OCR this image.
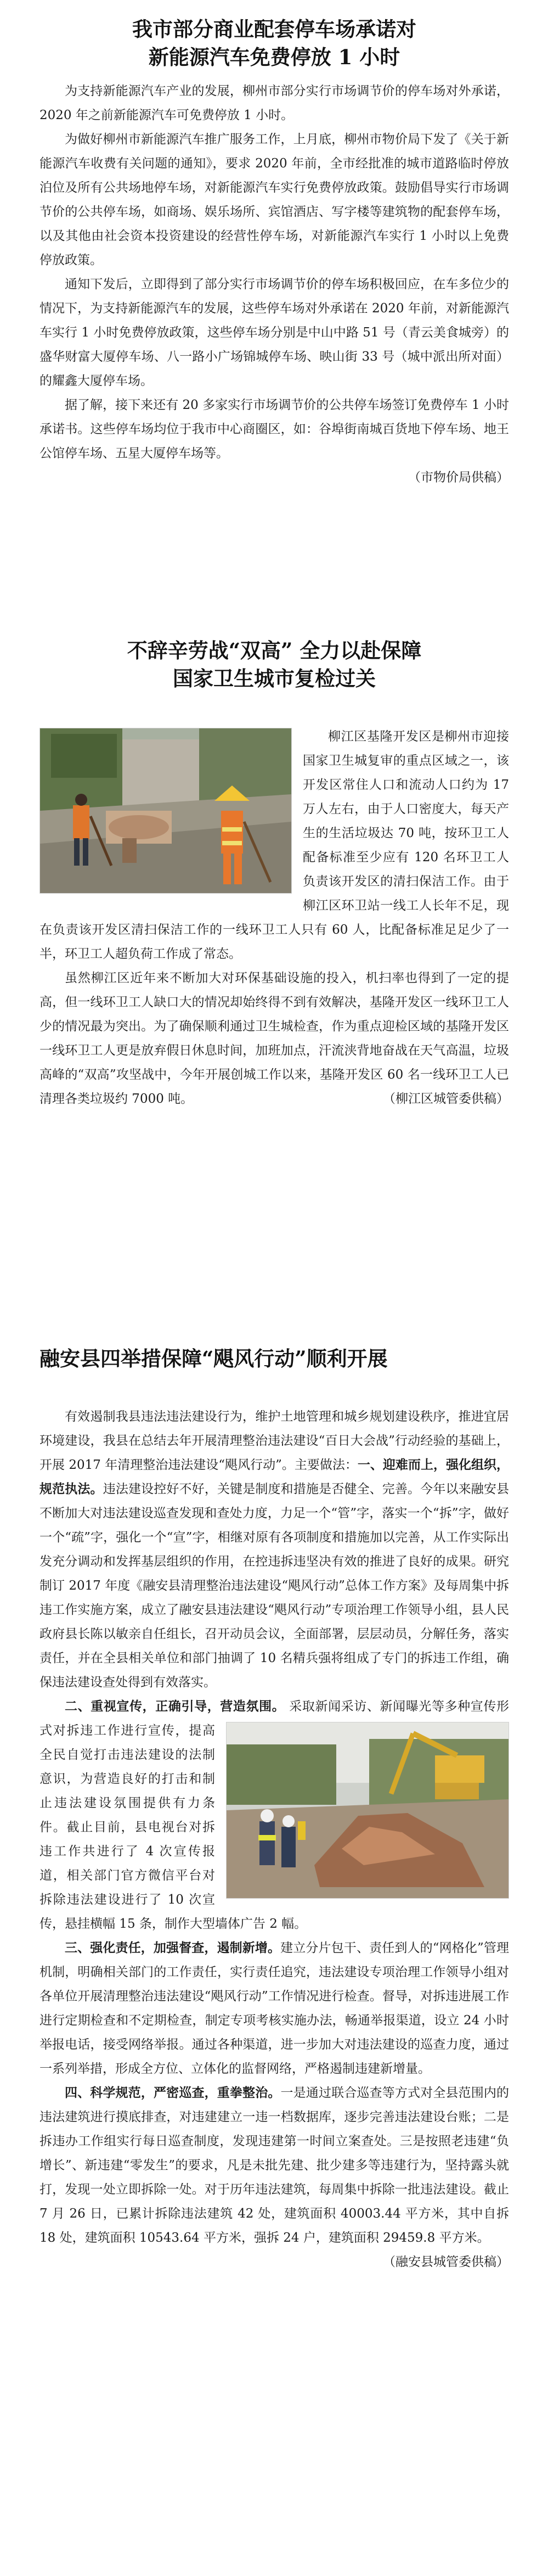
我市部分商业配套停车场承诺对
新能源汽车免费停放 1 小时

为支持新能源汽车产业的发展，柳州市部分实行市场调节价的停车场对外承诺，2020 年之前新能源汽车可免费停放 1 小时。

为做好柳州市新能源汽车推广服务工作，上月底，柳州市物价局下发了《关于新能源汽车收费有关问题的通知》，要求 2020 年前，全市经批准的城市道路临时停放泊位及所有公共场地停车场，对新能源汽车实行免费停放政策。鼓励倡导实行市场调节价的公共停车场，如商场、娱乐场所、宾馆酒店、写字楼等建筑物的配套停车场，以及其他由社会资本投资建设的经营性停车场，对新能源汽车实行 1 小时以上免费停放政策。

通知下发后，立即得到了部分实行市场调节价的停车场积极回应，在车多位少的情况下，为支持新能源汽车的发展，这些停车场对外承诺在 2020 年前，对新能源汽车实行 1 小时免费停放政策，这些停车场分别是中山中路 51 号（青云美食城旁）的盛华财富大厦停车场、八一路小广场锦城停车场、映山街 33 号（城中派出所对面）的耀鑫大厦停车场。

据了解，接下来还有 20 多家实行市场调节价的公共停车场签订免费停车 1 小时承诺书。这些停车场均位于我市中心商圈区，如：谷埠街南城百货地下停车场、地王公馆停车场、五星大厦停车场等。

（市物价局供稿）
不辞辛劳战“双高” 全力以赴保障
国家卫生城市复检过关

柳江区基隆开发区是柳州市迎接国家卫生城复审的重点区域之一，该开发区常住人口和流动人口约为 17 万人左右，由于人口密度大，每天产生的生活垃圾达 70 吨，按环卫工人配备标准至少应有 120 名环卫工人负责该开发区的清扫保洁工作。由于柳江区环卫站一线工人长年不足，现在负责该开发区清扫保洁工作的一线环卫工人只有 60 人，比配备标准足足少了一半，环卫工人超负荷工作成了常态。

虽然柳江区近年来不断加大对环保基础设施的投入，机扫率也得到了一定的提高，但一线环卫工人缺口大的情况却始终得不到有效解决，基隆开发区一线环卫工人少的情况最为突出。为了确保顺利通过卫生城检查，作为重点迎检区域的基隆开发区一线环卫工人更是放弃假日休息时间，加班加点，汗流浃背地奋战在天气高温，垃圾高峰的“双高”攻坚战中，今年开展创城工作以来，基隆开发区 60 名一线环卫工人已清理各类垃圾约 7000 吨。	（柳江区城管委供稿）

融安县四举措保障“飓风行动”顺利开展

有效遏制我县违法违法建设行为，维护土地管理和城乡规划建设秩序，推进宜居环境建设，我县在总结去年开展清理整治违法建设“百日大会战”行动经验的基础上，开展 2017 年清理整治违法建设“飓风行动”。主要做法：一、迎难而上，强化组织，规范执法。违法建设控好不好，关键是制度和措施是否健全、完善。今年以来融安县不断加大对违法建设巡查发现和查处力度，力足一个“管”字，落实一个“拆”字，做好一个“疏”字，强化一个“宣”字，相继对原有各项制度和措施加以完善，从工作实际出发充分调动和发挥基层组织的作用，在控违拆违坚决有效的推进了良好的成果。研究制订 2017 年度《融安县清理整治违法建设“飓风行动”总体工作方案》及每周集中拆违工作实施方案，成立了融安县违法建设“飓风行动”专项治理工作领导小组，县人民政府县长陈以敏亲自任组长，召开动员会议，全面部署，层层动员，分解任务，落实责任，并在全县相关单位和部门抽调了 10 名精兵强将组成了专门的拆违工作组，确保违法建设查处得到有效落实。

二、重视宣传，正确引导，营造氛围。 采取新闻采访、新闻曝光等多种宣传形式对拆违工作进行宣传，提高全民自觉打击违法建设的法制意识，为营造良好的打击和制止违法建设氛围提供有力条件。截止目前，县电视台对拆违工作共进行了 4 次宣传报道，相关部门官方微信平台对拆除违法建设进行了 10 次宣传，悬挂横幅 15 条，制作大型墙体广告 2 幅。

三、强化责任，加强督查，遏制新增。建立分片包干、责任到人的“网格化”管理机制，明确相关部门的工作责任，实行责任追究，违法建设专项治理工作领导小组对各单位开展清理整治违法建设“飓风行动”工作情况进行检查。督导，对拆违进展工作进行定期检查和不定期检查，制定专项考核实施办法，畅通举报渠道，设立 24 小时举报电话，接受网络举报。通过各种渠道，进一步加大对违法建设的巡查力度，通过一系列举措，形成全方位、立体化的监督网络，严格遏制违建新增量。

四、科学规范，严密巡查，重拳整治。一是通过联合巡查等方式对全县范围内的违法建筑进行摸底排查，对违建建立一违一档数据库，逐步完善违法建设台账；二是拆违办工作组实行每日巡查制度，发现违建第一时间立案查处。三是按照老违建“负增长”、新违建“零发生”的要求，凡是未批先建、批少建多等违建行为，坚持露头就打，发现一处立即拆除一处。对于历年违法建筑，每周集中拆除一批违法建设。截止 7 月 26 日，已累计拆除违法建筑 42 处，建筑面积 40003.44 平方米，其中自拆 18 处，建筑面积 10543.64 平方米，强拆 24 户，建筑面积 29459.8 平方米。

（融安县城管委供稿）
